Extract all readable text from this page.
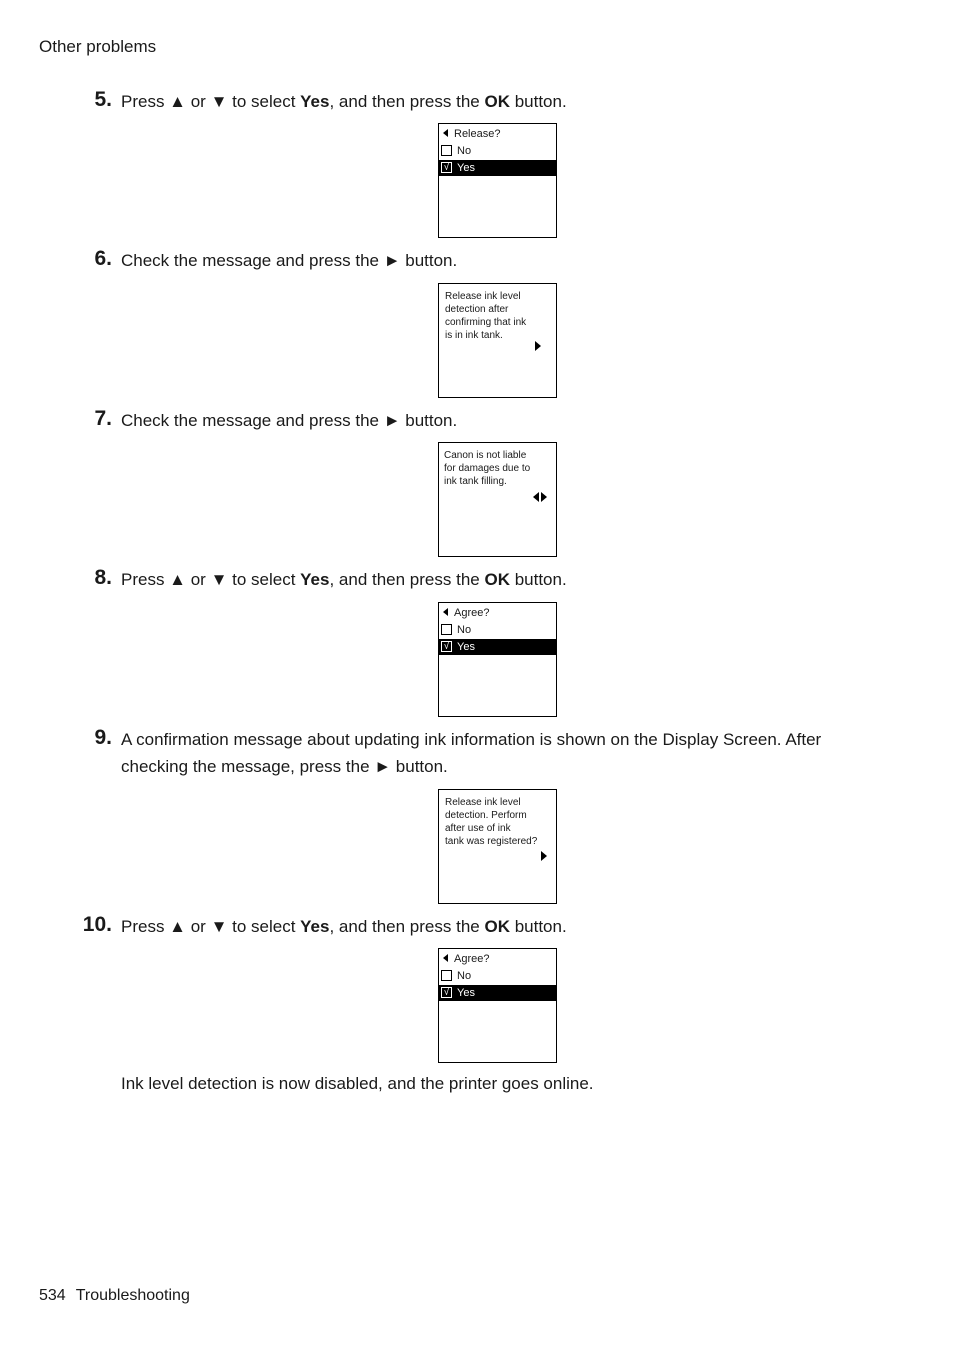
Other problems
5. Press ▲ or ▼ to select Yes, and then press the OK button.
Release?
No
√ Yes
6. Check the message and press the ► button.
Release ink level
detection after
confirming that ink
is in ink tank.
7. Check the message and press the ► button.
Canon is not liable
for damages due to
ink tank filling.
8. Press ▲ or ▼ to select Yes, and then press the OK button.
Agree?
No
√ Yes
9. A confirmation message about updating ink information is shown on the Display Screen. After
checking the message, press the ► button.
Release ink level
detection. Perform
after use of ink
tank was registered?
10. Press ▲ or ▼ to select Yes, and then press the OK button.
Agree?
No
√ Yes
Ink level detection is now disabled, and the printer goes online.
534 Troubleshooting
